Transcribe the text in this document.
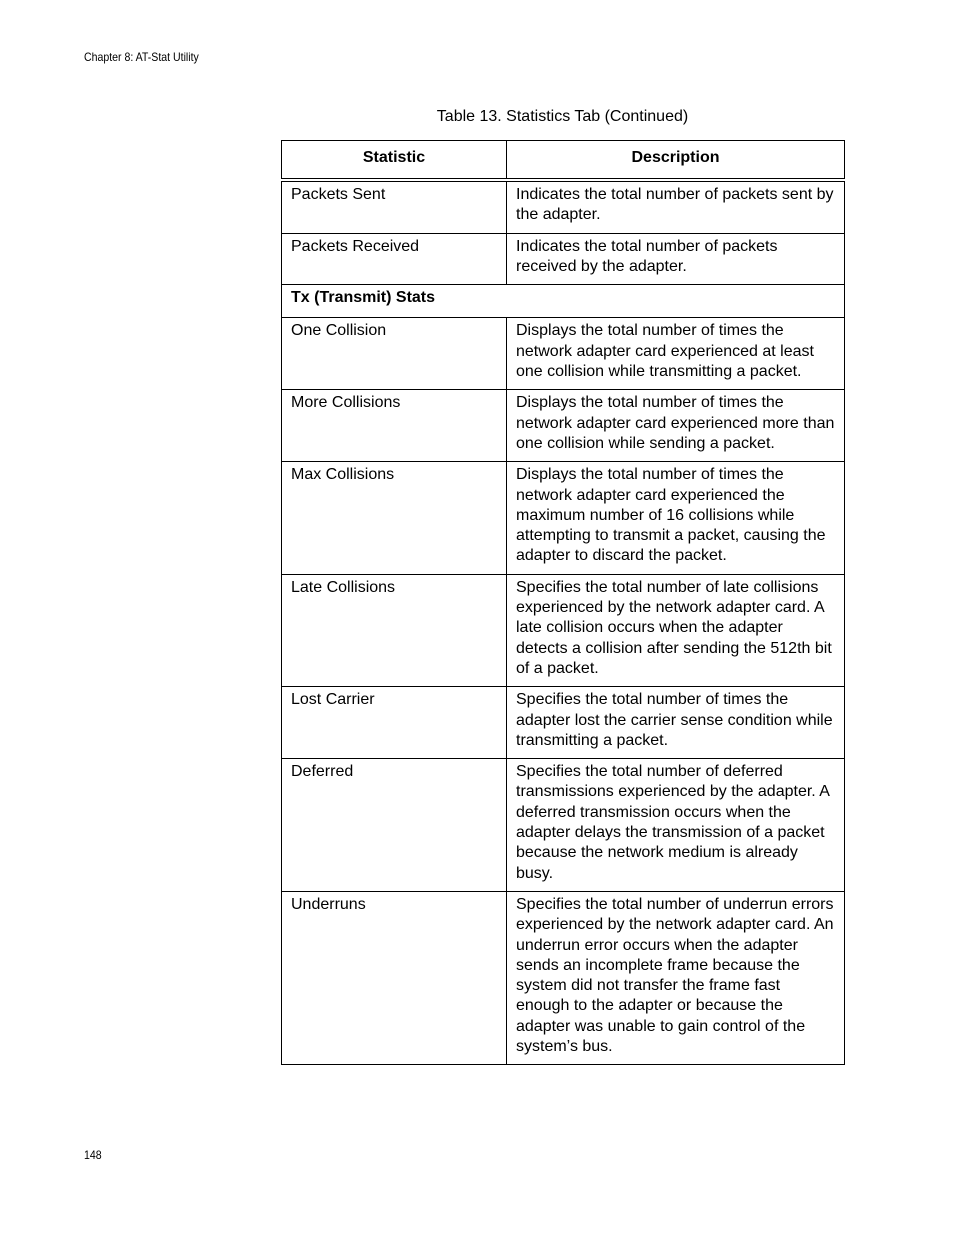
Chapter 8: AT-Stat Utility
Table 13. Statistics Tab (Continued)
Statistic	Description
Packets Sent	Indicates the total number of packets sent by the adapter.
Packets Received	Indicates the total number of packets received by the adapter.
Tx (Transmit) Stats	
One Collision	Displays the total number of times the network adapter card experienced at least one collision while transmitting a packet.
More Collisions	Displays the total number of times the network adapter card experienced more than one collision while sending a packet.
Max Collisions	Displays the total number of times the network adapter card experienced the maximum number of 16 collisions while attempting to transmit a packet, causing the adapter to discard the packet.
Late Collisions	Specifies the total number of late collisions experienced by the network adapter card. A late collision occurs when the adapter detects a collision after sending the 512th bit of a packet.
Lost Carrier	Specifies the total number of times the adapter lost the carrier sense condition while transmitting a packet.
Deferred	Specifies the total number of deferred transmissions experienced by the adapter. A deferred transmission occurs when the adapter delays the transmission of a packet because the network medium is already busy.
Underruns	Specifies the total number of underrun errors experienced by the network adapter card. An underrun error occurs when the adapter sends an incomplete frame because the system did not transfer the frame fast enough to the adapter or because the adapter was unable to gain control of the system’s bus.
148
